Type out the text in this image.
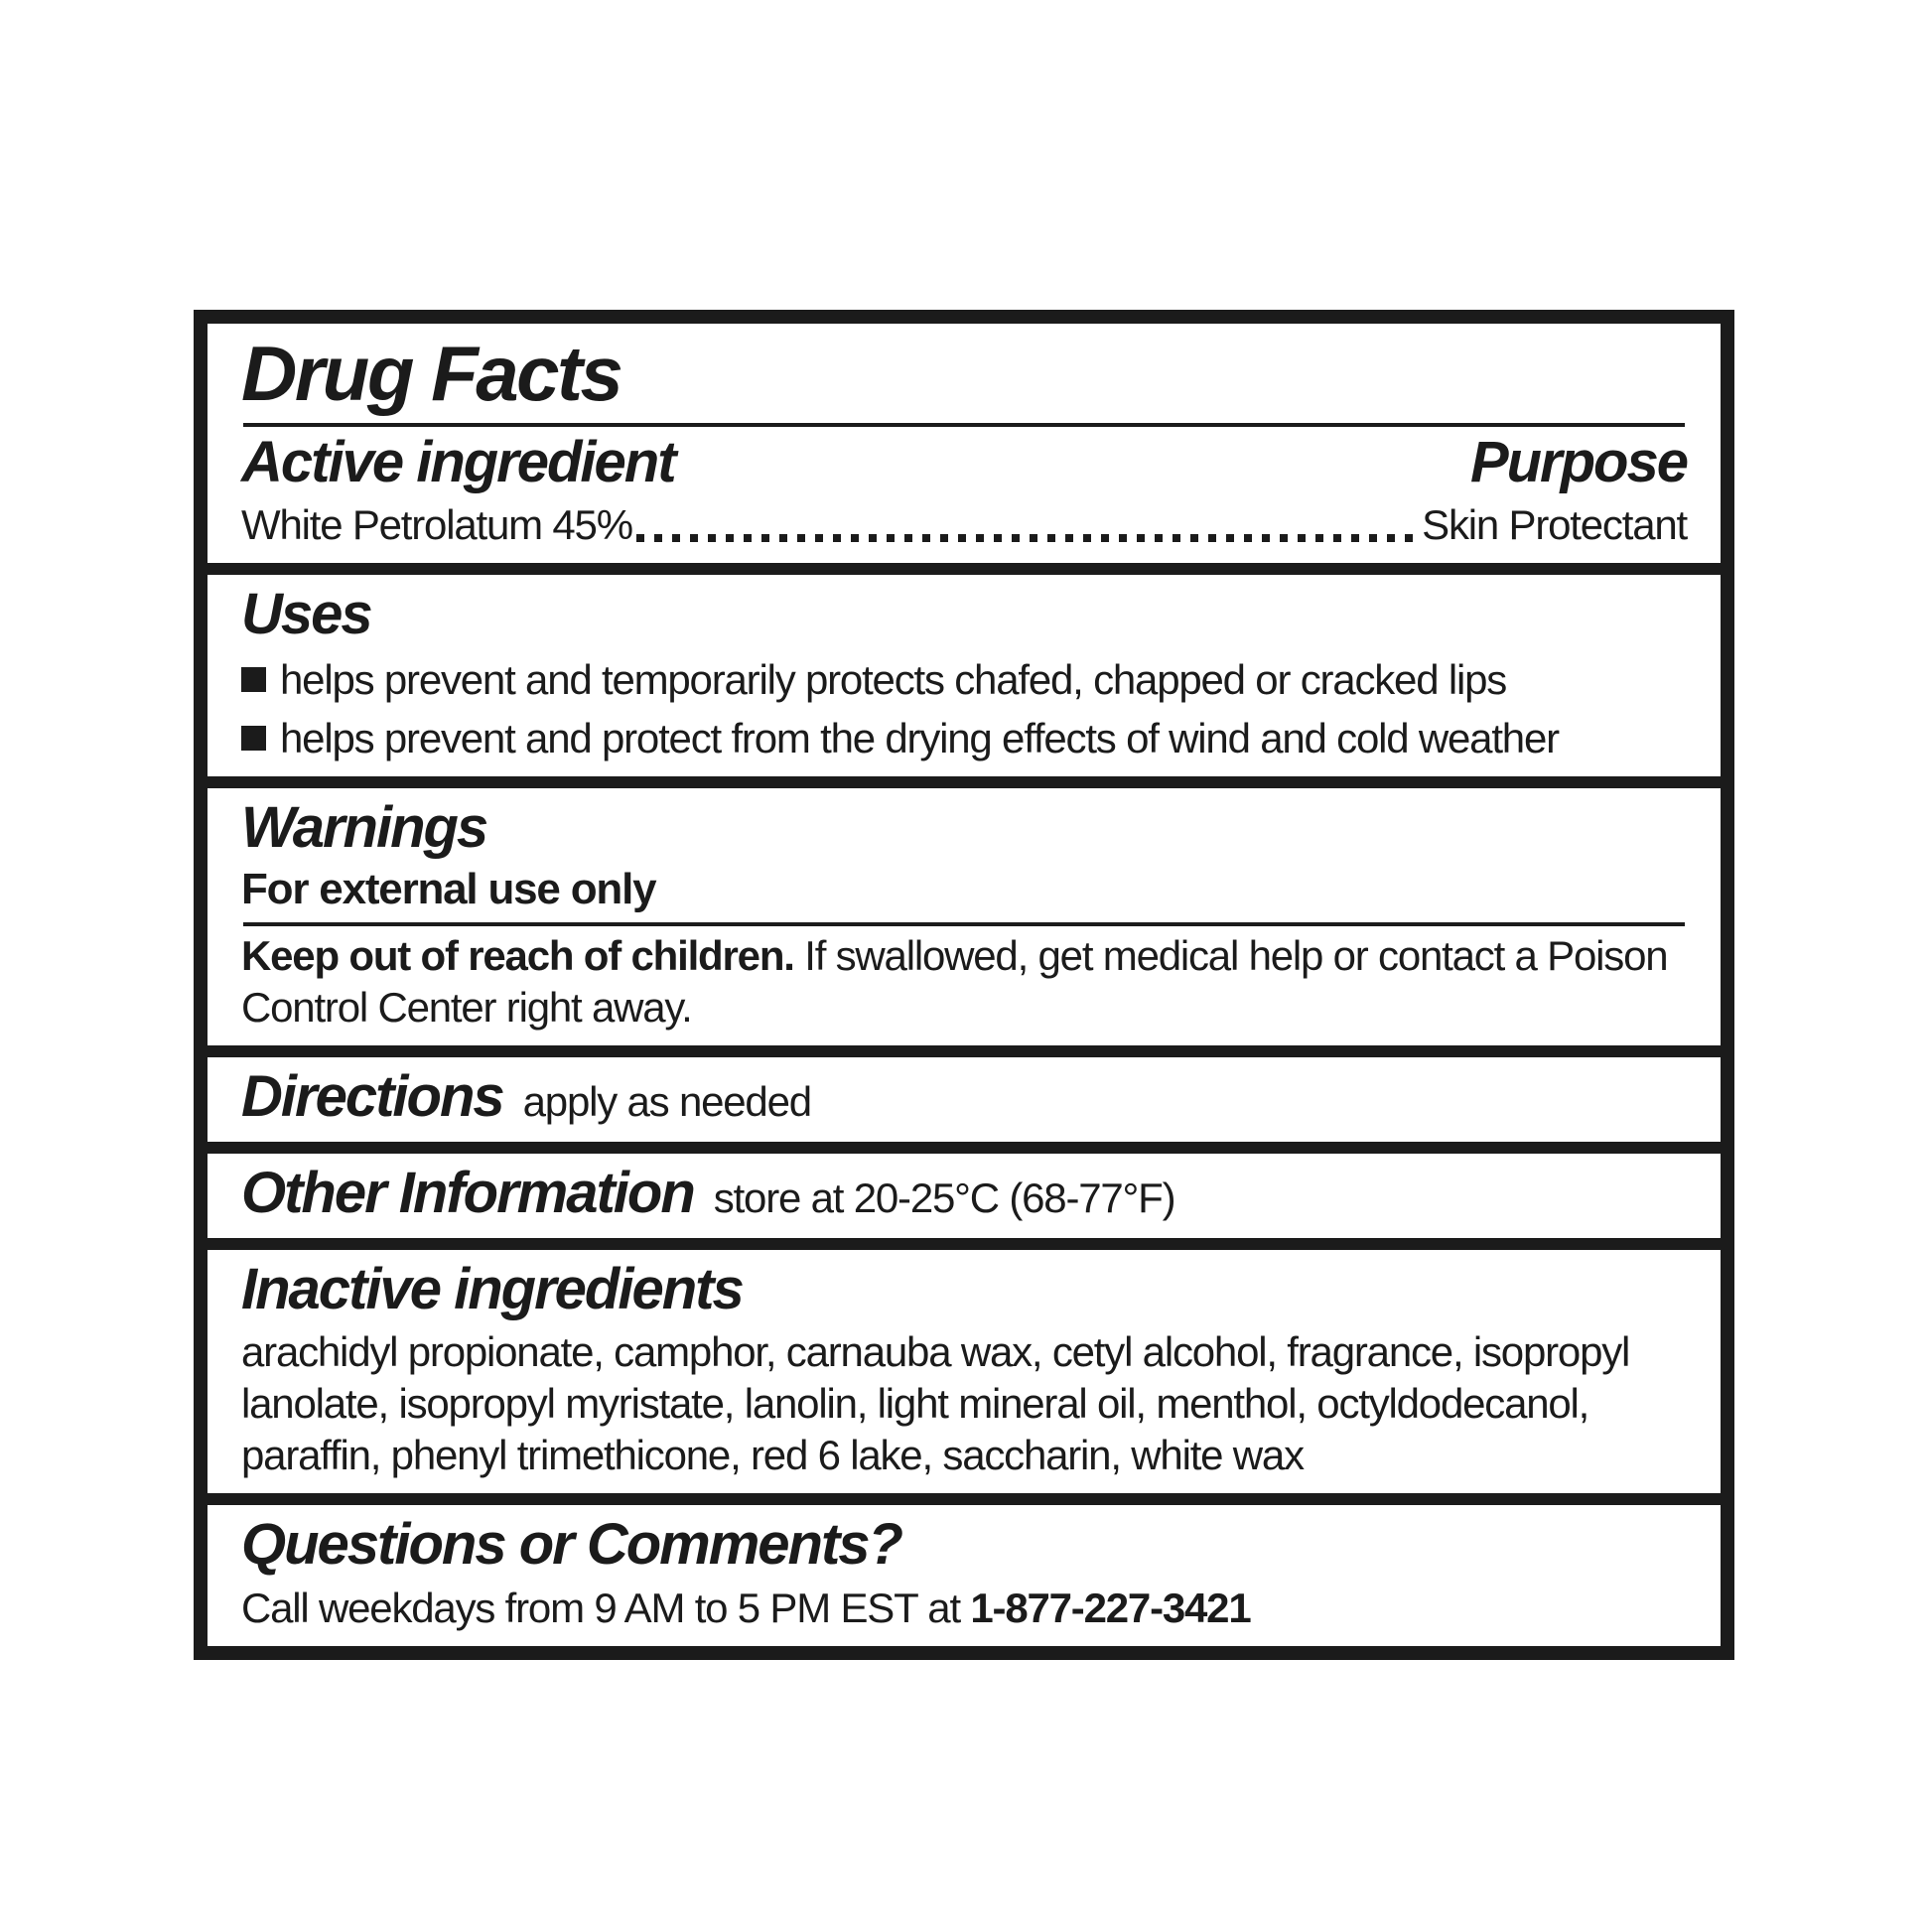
Drug Facts
Active ingredient	Purpose
White Petrolatum 45%	Skin Protectant
Uses
helps prevent and temporarily protects chafed, chapped or cracked lips
helps prevent and protect from the drying effects of wind and cold weather
Warnings
For external use only
Keep out of reach of children. If swallowed, get medical help or contact a Poison Control Center right away.
Directions apply as needed
Other Information store at 20-25°C (68-77°F)
Inactive ingredients
arachidyl propionate, camphor, carnauba wax, cetyl alcohol, fragrance, isopropyl lanolate, isopropyl myristate, lanolin, light mineral oil, menthol, octyldodecanol, paraffin, phenyl trimethicone, red 6 lake, saccharin, white wax
Questions or Comments?
Call weekdays from 9 AM to 5 PM EST at 1-877-227-3421
